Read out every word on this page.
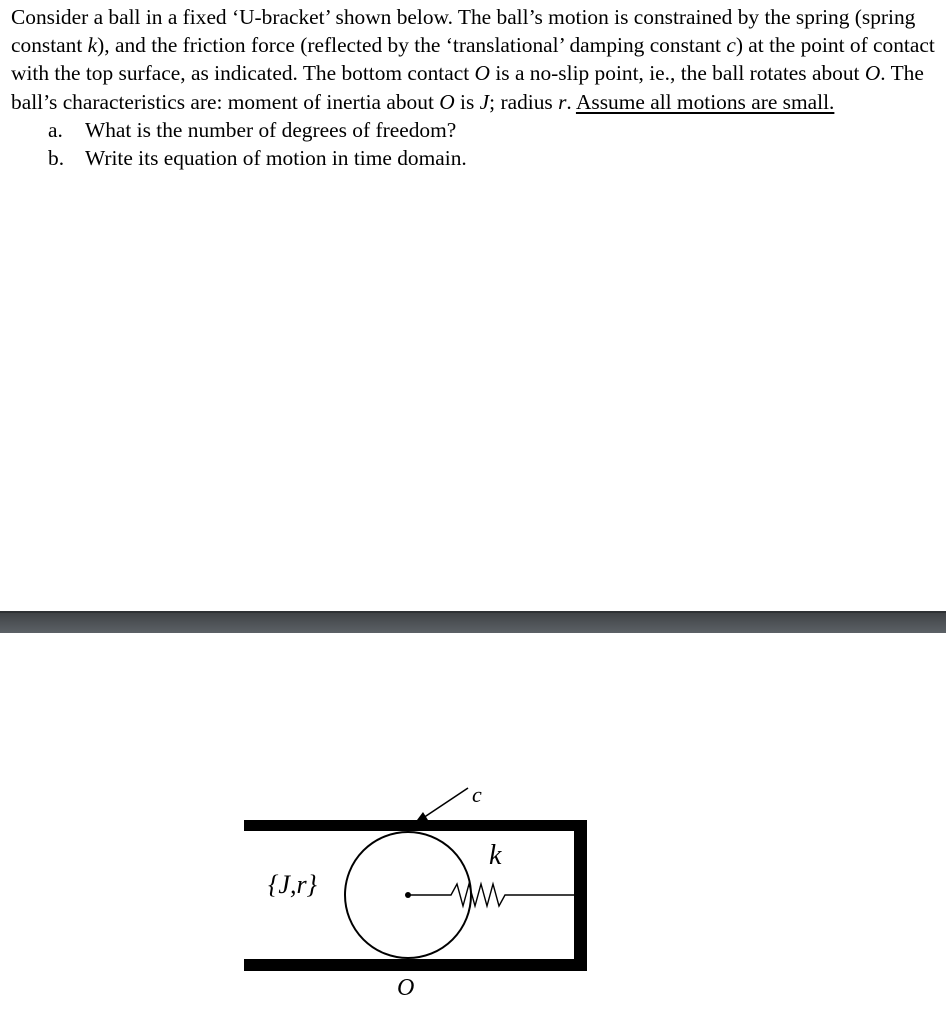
Consider a ball in a fixed ‘U-bracket’ shown below. The ball’s motion is constrained by the spring (spring constant k), and the friction force (reflected by the ‘translational’ damping constant c) at the point of contact with the top surface, as indicated. The bottom contact O is a no-slip point, ie., the ball rotates about O. The ball’s characteristics are: moment of inertia about O is J; radius r. Assume all motions are small.

a. What is the number of degrees of freedom?
b. Write its equation of motion in time domain.
c
k
{J,r}
O
